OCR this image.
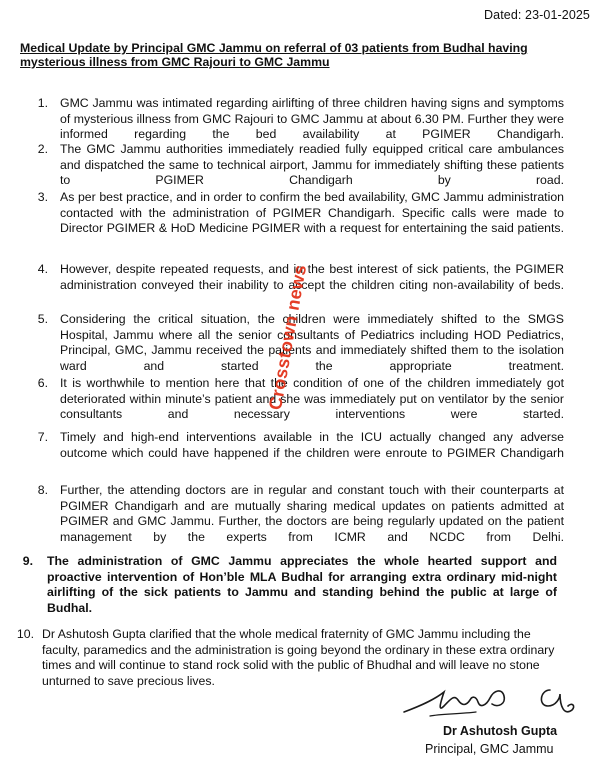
Dated: 23-01-2025
Medical Update by Principal GMC Jammu on referral of 03 patients from Budhal having mysterious illness from GMC Rajouri to GMC Jammu
1. GMC Jammu was intimated regarding airlifting of three children having signs and symptoms of mysterious illness from GMC Rajouri to GMC Jammu at about 6.30 PM. Further they were informed regarding the bed availability at PGIMER Chandigarh.
2. The GMC Jammu authorities immediately readied fully equipped critical care ambulances and dispatched the same to technical airport, Jammu for immediately shifting these patients to PGIMER Chandigarh by road.
3. As per best practice, and in order to confirm the bed availability, GMC Jammu administration contacted with the administration of PGIMER Chandigarh. Specific calls were made to Director PGIMER & HoD Medicine PGIMER with a request for entertaining the said patients.
4. However, despite repeated requests, and in the best interest of sick patients, the PGIMER administration conveyed their inability to accept the children citing non-availability of beds.
5. Considering the critical situation, the children were immediately shifted to the SMGS Hospital, Jammu where all the senior consultants of Pediatrics including HOD Pediatrics, Principal, GMC, Jammu received the patients and immediately shifted them to the isolation ward and started the appropriate treatment.
6. It is worthwhile to mention here that the condition of one of the children immediately got deteriorated within minute’s patient and she was immediately put on ventilator by the senior consultants and necessary interventions were started.
7. Timely and high-end interventions available in the ICU actually changed any adverse outcome which could have happened if the children were enroute to PGIMER Chandigarh
8. Further, the attending doctors are in regular and constant touch with their counterparts at PGIMER Chandigarh and are mutually sharing medical updates on patients admitted at PGIMER and GMC Jammu. Further, the doctors are being regularly updated on the patient management by the experts from ICMR and NCDC from Delhi.
9. The administration of GMC Jammu appreciates the whole hearted support and proactive intervention of Hon’ble MLA Budhal for arranging extra ordinary mid-night airlifting of the sick patients to Jammu and standing behind the public at large of Budhal.
10. Dr Ashutosh Gupta clarified that the whole medical fraternity of GMC Jammu including the faculty, paramedics and the administration is going beyond the ordinary in these extra ordinary times and will continue to stand rock solid with the public of Bhudhal and will leave no stone unturned to save precious lives.
Dr Ashutosh Gupta
Principal, GMC Jammu
Crosstown news
